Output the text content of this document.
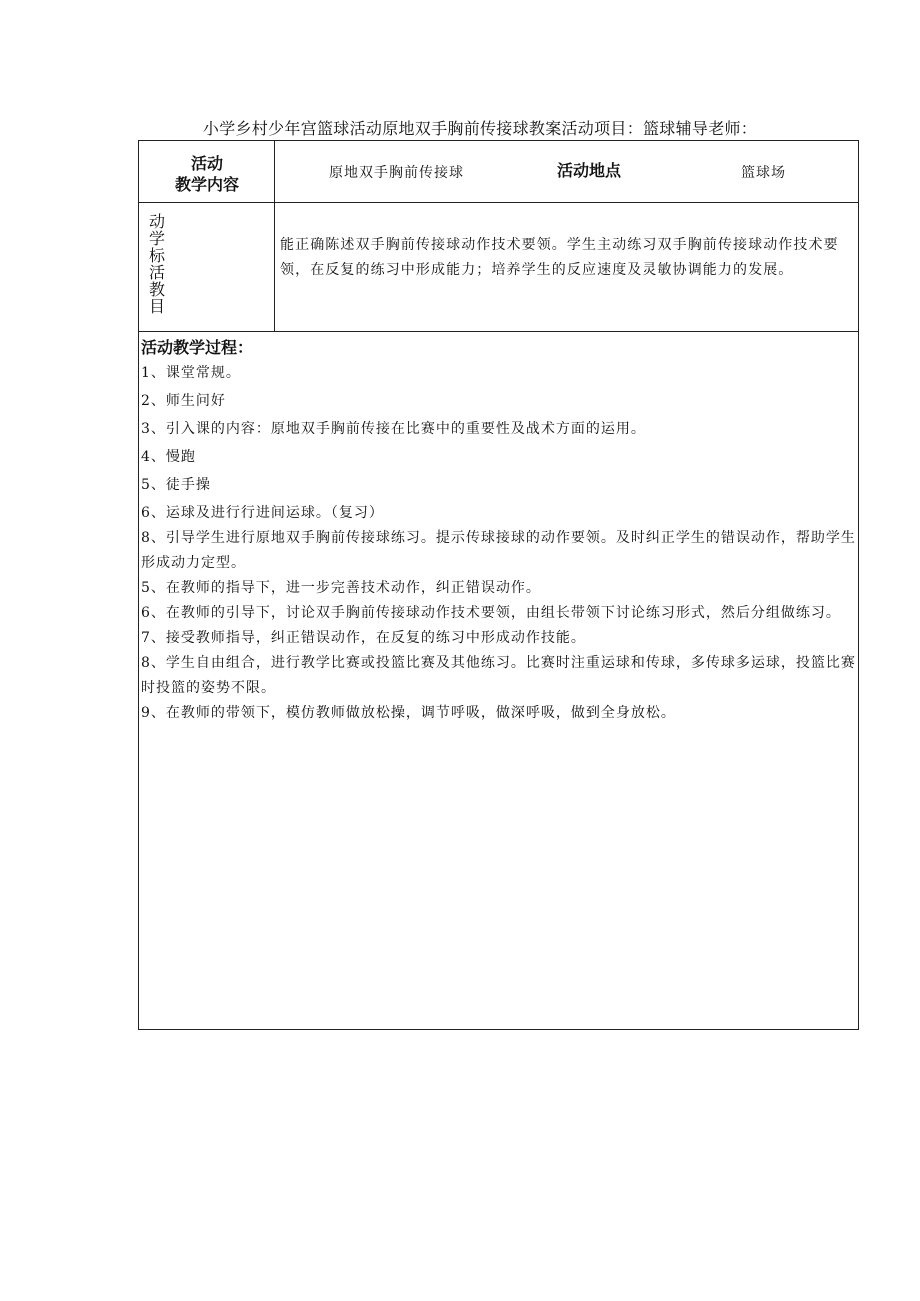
小学乡村少年宫篮球活动原地双手胸前传接球教案活动项目：篮球辅导老师：
活动
教学内容
原地双手胸前传接球	活动地点	篮球场
动
学
标
活
教
目
能正确陈述双手胸前传接球动作技术要领。学生主动练习双手胸前传接球动作技术要领，在反复的练习中形成能力；培养学生的反应速度及灵敏协调能力的发展。
活动教学过程：
1、课堂常规。
2、师生问好
3、引入课的内容：原地双手胸前传接在比赛中的重要性及战术方面的运用。
4、慢跑
5、徒手操
6、运球及进行行进间运球。（复习）
8、引导学生进行原地双手胸前传接球练习。提示传球接球的动作要领。及时纠正学生的错误动作，帮助学生形成动力定型。
5、在教师的指导下，进一步完善技术动作，纠正错误动作。
6、在教师的引导下，讨论双手胸前传接球动作技术要领，由组长带领下讨论练习形式，然后分组做练习。
7、接受教师指导，纠正错误动作，在反复的练习中形成动作技能。
8、学生自由组合，进行教学比赛或投篮比赛及其他练习。比赛时注重运球和传球，多传球多运球，投篮比赛时投篮的姿势不限。
9、在教师的带领下，模仿教师做放松操，调节呼吸，做深呼吸，做到全身放松。
